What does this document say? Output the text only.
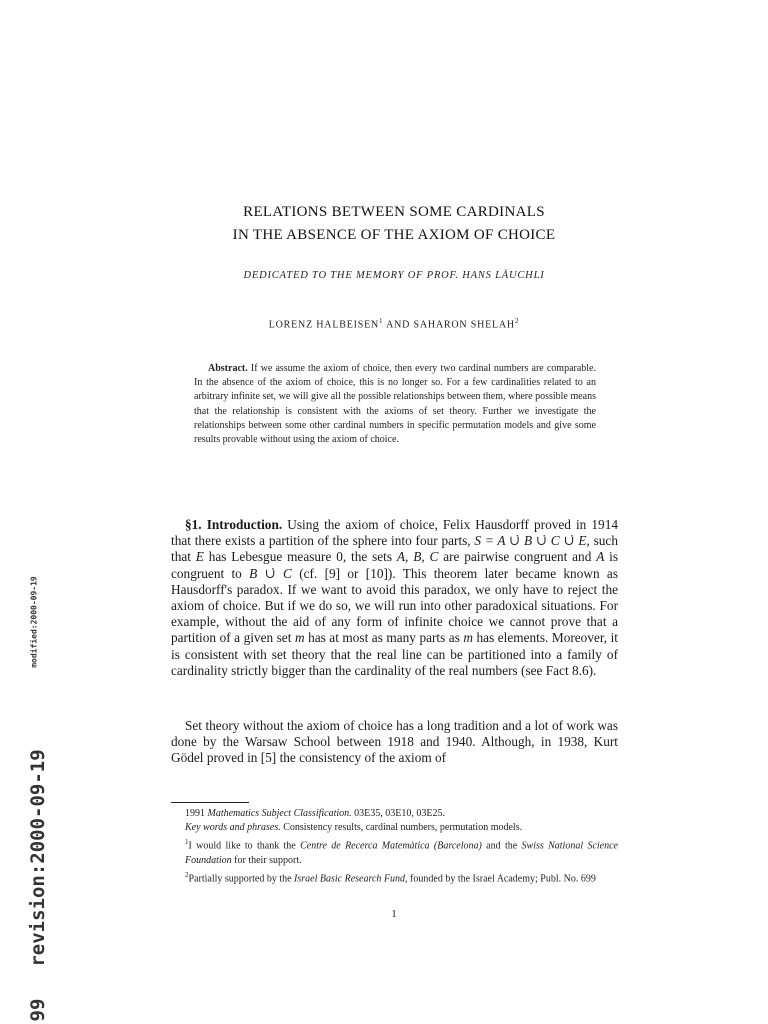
modified:2000-09-19
revision:2000-09-19
99
RELATIONS BETWEEN SOME CARDINALS
IN THE ABSENCE OF THE AXIOM OF CHOICE
DEDICATED TO THE MEMORY OF PROF. HANS LÄUCHLI
LORENZ HALBEISEN$^1$ AND SAHARON SHELAH$^2$
Abstract. If we assume the axiom of choice, then every two cardinal numbers are comparable. In the absence of the axiom of choice, this is no longer so. For a few cardinalities related to an arbitrary infinite set, we will give all the possible relationships between them, where possible means that the relationship is consistent with the axioms of set theory. Further we investigate the relationships between some other cardinal numbers in specific permutation models and give some results provable without using the axiom of choice.
§1. Introduction. Using the axiom of choice, Felix Hausdorff proved in 1914 that there exists a partition of the sphere into four parts, S = A ∪̇ B ∪̇ C ∪̇ E, such that E has Lebesgue measure 0, the sets A, B, C are pairwise congruent and A is congruent to B ∪̇ C (cf. [9] or [10]). This theorem later became known as Hausdorff's paradox. If we want to avoid this paradox, we only have to reject the axiom of choice. But if we do so, we will run into other paradoxical situations. For example, without the aid of any form of infinite choice we cannot prove that a partition of a given set m has at most as many parts as m has elements. Moreover, it is consistent with set theory that the real line can be partitioned into a family of cardinality strictly bigger than the cardinality of the real numbers (see Fact 8.6).
Set theory without the axiom of choice has a long tradition and a lot of work was done by the Warsaw School between 1918 and 1940. Although, in 1938, Kurt Gödel proved in [5] the consistency of the axiom of

1991 Mathematics Subject Classification. 03E35, 03E10, 03E25.

Key words and phrases. Consistency results, cardinal numbers, permutation models.

$^1$I would like to thank the Centre de Recerca Matemàtica (Barcelona) and the Swiss National Science Foundation for their support.

$^2$Partially supported by the Israel Basic Research Fund, founded by the Israel Academy; Publ. No. 699

1
